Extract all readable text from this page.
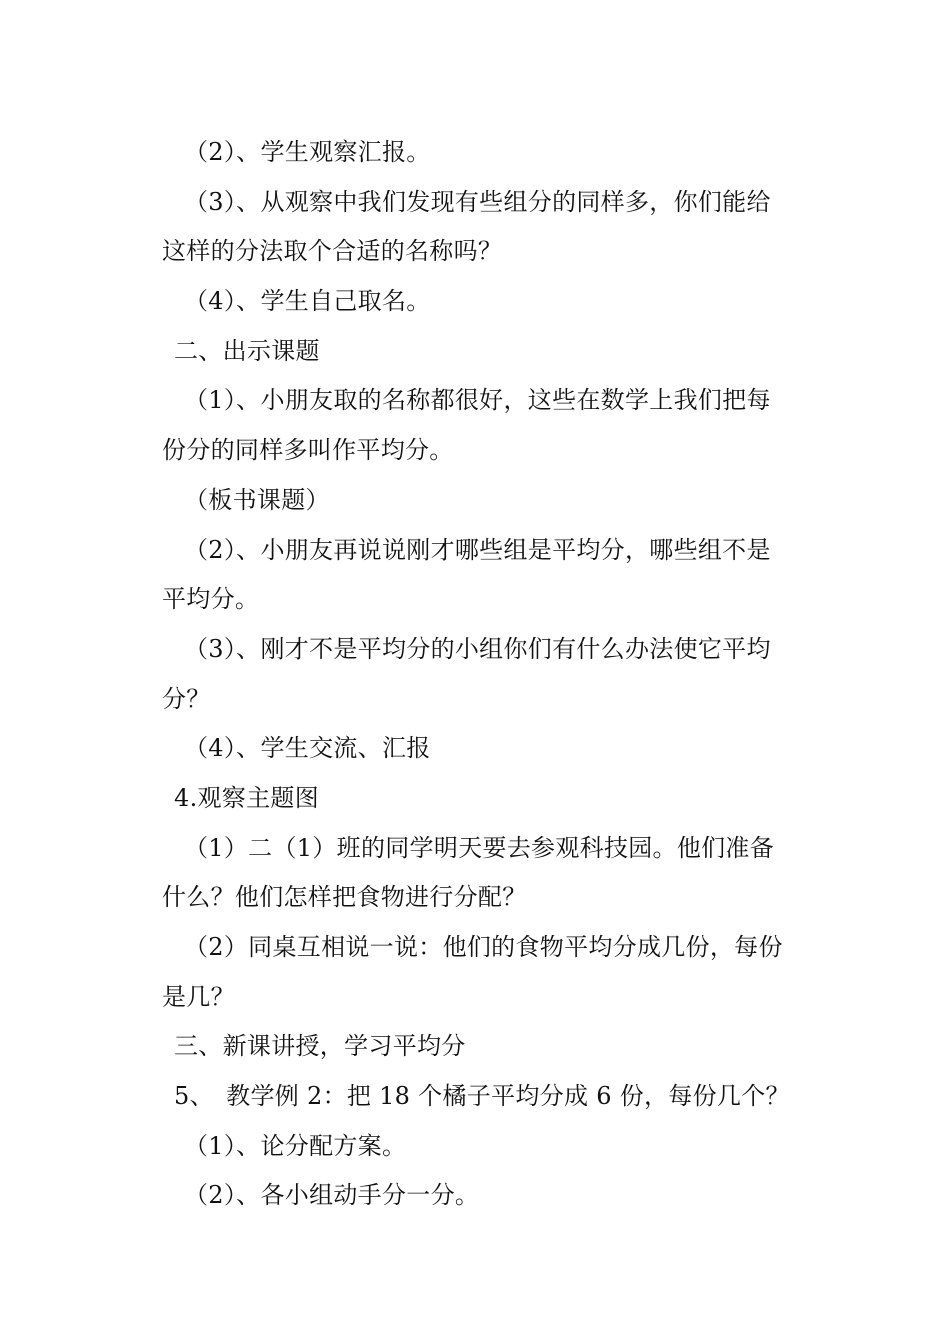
（2）、学生观察汇报。
（3）、从观察中我们发现有些组分的同样多，你们能给
这样的分法取个合适的名称吗？
（4）、学生自己取名。
二、出示课题
（1）、小朋友取的名称都很好，这些在数学上我们把每
份分的同样多叫作平均分。
（板书课题）
（2）、小朋友再说说刚才哪些组是平均分，哪些组不是
平均分。
（3）、刚才不是平均分的小组你们有什么办法使它平均
分？
（4）、学生交流、汇报
4.观察主题图
（1）二（1）班的同学明天要去参观科技园。他们准备
什么？他们怎样把食物进行分配？
（2）同桌互相说一说：他们的食物平均分成几份，每份
是几？
三、新课讲授，学习平均分
5、　教学例 2：把 18 个橘子平均分成 6 份，每份几个？
（1）、论分配方案。
（2）、各小组动手分一分。
